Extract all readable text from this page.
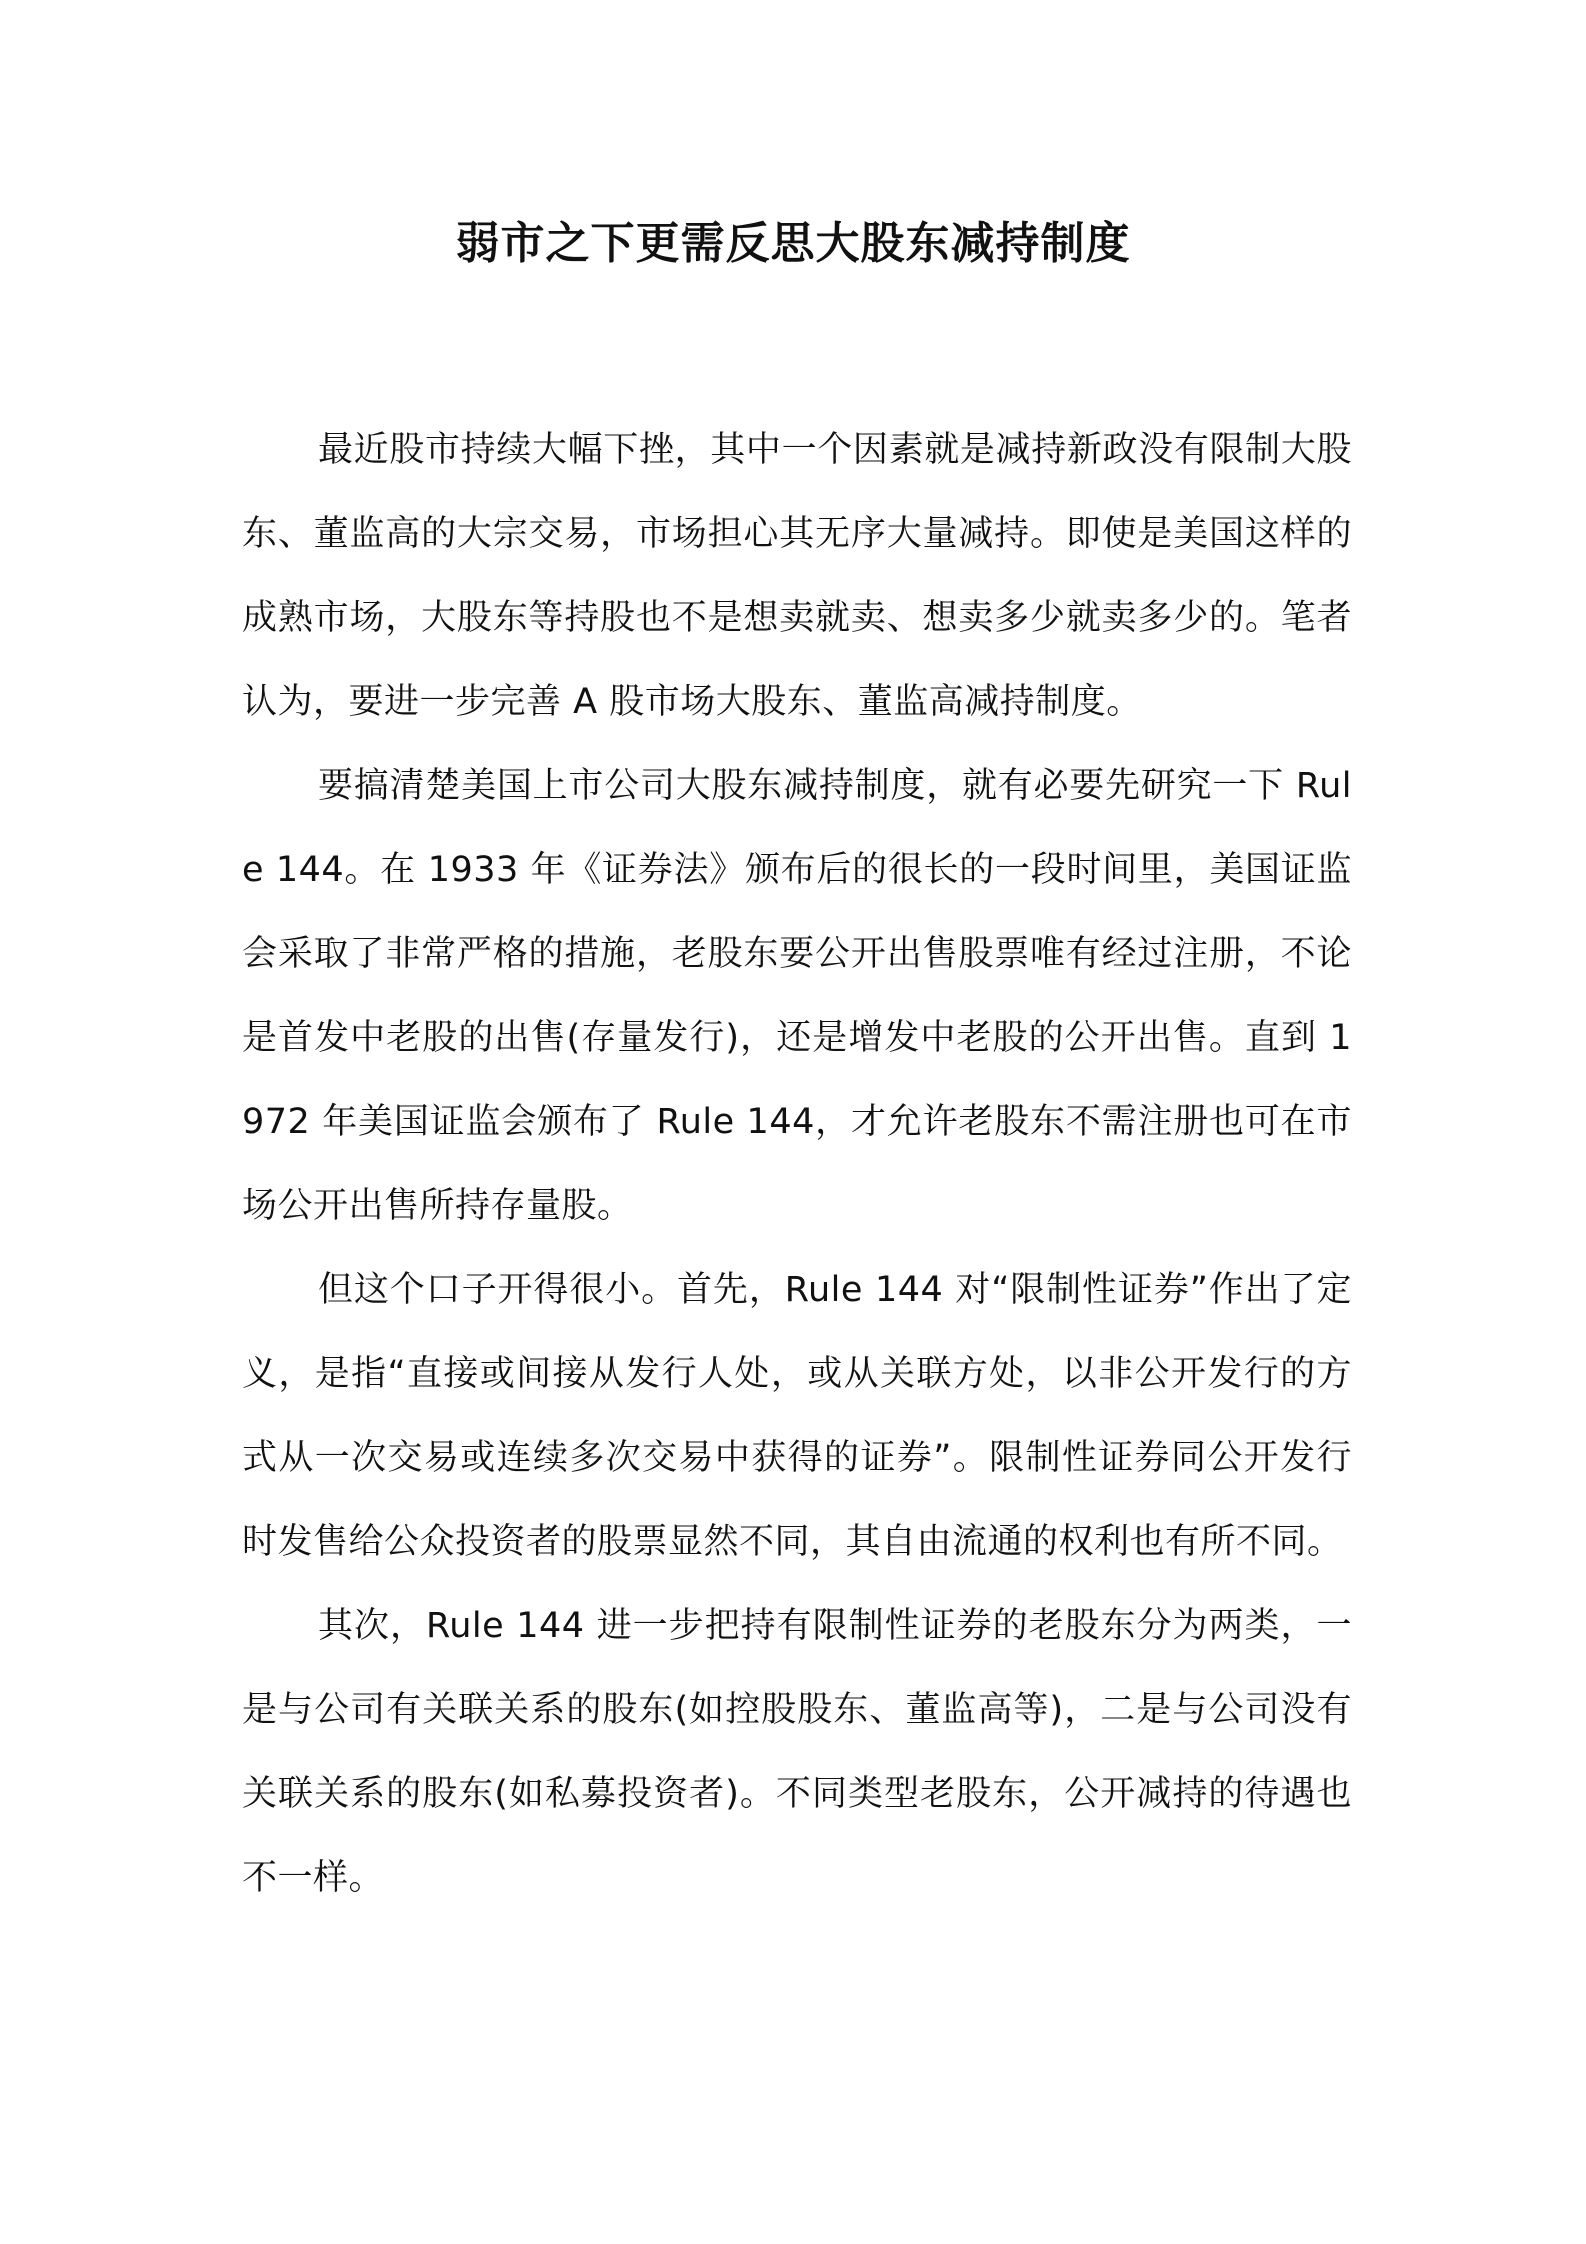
弱市之下更需反思大股东减持制度

最近股市持续大幅下挫，其中一个因素就是减持新政没有限制大股东、董监高的大宗交易，市场担心其无序大量减持。即使是美国这样的成熟市场，大股东等持股也不是想卖就卖、想卖多少就卖多少的。笔者认为，要进一步完善 A 股市场大股东、董监高减持制度。

要搞清楚美国上市公司大股东减持制度，就有必要先研究一下 Rule 144。在 1933 年《证券法》颁布后的很长的一段时间里，美国证监会采取了非常严格的措施，老股东要公开出售股票唯有经过注册，不论是首发中老股的出售(存量发行)，还是增发中老股的公开出售。直到 1972 年美国证监会颁布了 Rule 144，才允许老股东不需注册也可在市场公开出售所持存量股。

但这个口子开得很小。首先，Rule 144 对“限制性证券”作出了定义，是指“直接或间接从发行人处，或从关联方处，以非公开发行的方式从一次交易或连续多次交易中获得的证券”。限制性证券同公开发行时发售给公众投资者的股票显然不同，其自由流通的权利也有所不同。

其次，Rule 144 进一步把持有限制性证券的老股东分为两类，一是与公司有关联关系的股东(如控股股东、董监高等)，二是与公司没有关联关系的股东(如私募投资者)。不同类型老股东，公开减持的待遇也不一样。
